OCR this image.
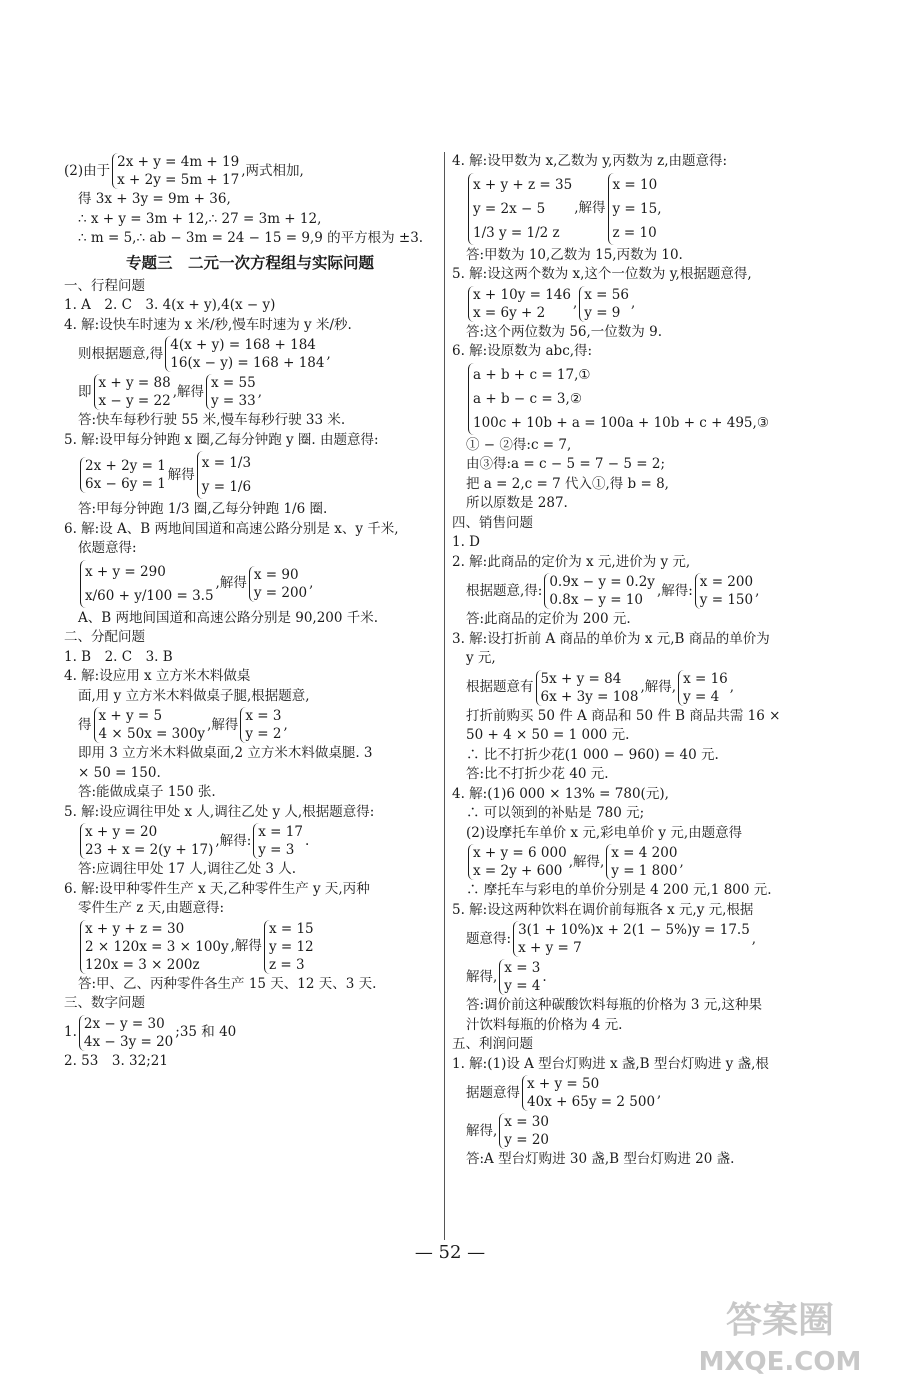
(2)由于
2x + y = 4m + 19
x + 2y = 5m + 17
,两式相加,
得 3x + 3y = 9m + 36,
∴ x + y = 3m + 12,∴ 27 = 3m + 12,
∴ m = 5,∴ ab − 3m = 24 − 15 = 9,9 的平方根为 ±3.
专题三　二元一次方程组与实际问题
一、行程问题
1. A　2. C　3. 4(x + y),4(x − y)
4. 解:设快车时速为 x 米/秒,慢车时速为 y 米/秒.
则根据题意,得
4(x + y) = 168 + 184
16(x − y) = 168 + 184
,
即
x + y = 88
x − y = 22
,解得
x = 55
y = 33
,
答:快车每秒行驶 55 米,慢车每秒行驶 33 米.
5. 解:设甲每分钟跑 x 圈,乙每分钟跑 y 圈. 由题意得:
2x + 2y = 1
6x − 6y = 1
解得
x = 1/3
y = 1/6
答:甲每分钟跑 1/3 圈,乙每分钟跑 1/6 圈.
6. 解:设 A、B 两地间国道和高速公路分别是 x、y 千米,
依题意得:
x + y = 290
x/60 + y/100 = 3.5
,解得
x = 90
y = 200
,
A、B 两地间国道和高速公路分别是 90,200 千米.
二、分配问题
1. B　2. C　3. B
4. 解:设应用 x 立方米木料做桌
面,用 y 立方米木料做桌子腿,根据题意,
得
x + y = 5
4 × 50x = 300y
,解得
x = 3
y = 2
,
即用 3 立方米木料做桌面,2 立方米木料做桌腿. 3
× 50 = 150.
答:能做成桌子 150 张.
5. 解:设应调往甲处 x 人,调往乙处 y 人,根据题意得:
x + y = 20
23 + x = 2(y + 17)
,解得:
x = 17
y = 3
.
答:应调往甲处 17 人,调往乙处 3 人.
6. 解:设甲种零件生产 x 天,乙种零件生产 y 天,丙种
零件生产 z 天,由题意得:
x + y + z = 30
2 × 120x = 3 × 100y
120x = 3 × 200z
,解得
x = 15
y = 12
z = 3
答:甲、乙、丙种零件各生产 15 天、12 天、3 天.
三、数字问题
1.
2x − y = 30
4x − 3y = 20
;35 和 40
2. 53　3. 32;21
4. 解:设甲数为 x,乙数为 y,丙数为 z,由题意得:
x + y + z = 35
y = 2x − 5
1/3 y = 1/2 z
,解得
x = 10
y = 15,
z = 10
答:甲数为 10,乙数为 15,丙数为 10.
5. 解:设这两个数为 x,这个一位数为 y,根据题意得,
x + 10y = 146
x = 6y + 2
,
x = 56
y = 9
,
答:这个两位数为 56,一位数为 9.
6. 解:设原数为 abc,得:
a + b + c = 17,①
a + b − c = 3,②
100c + 10b + a = 100a + 10b + c + 495,③
① − ②得:c = 7,
由③得:a = c − 5 = 7 − 5 = 2;
把 a = 2,c = 7 代入①,得 b = 8,
所以原数是 287.
四、销售问题
1. D
2. 解:此商品的定价为 x 元,进价为 y 元,
根据题意,得:
0.9x − y = 0.2y
0.8x − y = 10
,解得:
x = 200
y = 150
,
答:此商品的定价为 200 元.
3. 解:设打折前 A 商品的单价为 x 元,B 商品的单价为
y 元,
根据题意有
5x + y = 84
6x + 3y = 108
,解得,
x = 16
y = 4
,
打折前购买 50 件 A 商品和 50 件 B 商品共需 16 ×
50 + 4 × 50 = 1 000 元.
∴ 比不打折少花(1 000 − 960) = 40 元.
答:比不打折少花 40 元.
4. 解:(1)6 000 × 13% = 780(元),
∴ 可以领到的补贴是 780 元;
(2)设摩托车单价 x 元,彩电单价 y 元,由题意得
x + y = 6 000
x = 2y + 600
,解得,
x = 4 200
y = 1 800
,
∴ 摩托车与彩电的单价分别是 4 200 元,1 800 元.
5. 解:设这两种饮料在调价前每瓶各 x 元,y 元,根据
题意得:
3(1 + 10%)x + 2(1 − 5%)y = 17.5
x + y = 7
,
解得,
x = 3
y = 4
.
答:调价前这种碳酸饮料每瓶的价格为 3 元,这种果
汁饮料每瓶的价格为 4 元.
五、利润问题
1. 解:(1)设 A 型台灯购进 x 盏,B 型台灯购进 y 盏,根
据题意得
x + y = 50
40x + 65y = 2 500
,
解得,
x = 30
y = 20
答:A 型台灯购进 30 盏,B 型台灯购进 20 盏.
— 52 —
答案圈
MXQE.COM
